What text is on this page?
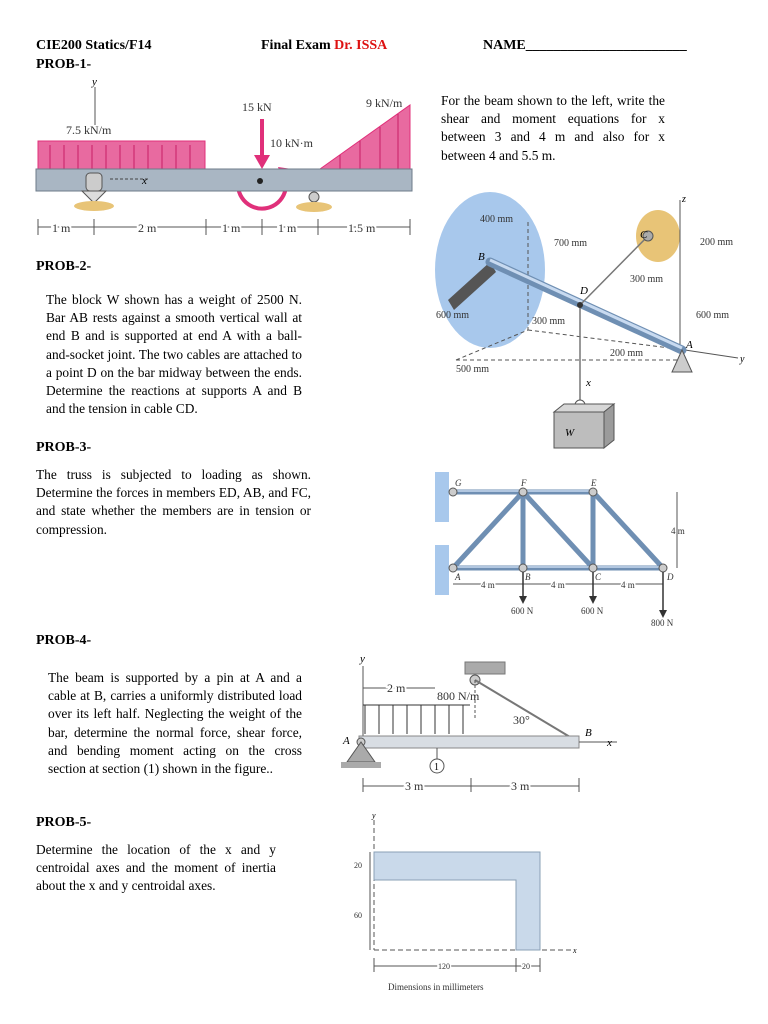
CIE200 Statics/F14	Final Exam Dr. ISSA	NAME_______________________
PROB-1-
For the beam shown to the left, write the shear and moment equations for x between 3 and 4 m and also for x between 4 and 5.5 m.
y
7.5 kN/m
9 kN/m
15 kN
10 kN·m
x
1 m	2 m	1 m	1 m	1.5 m
PROB-2-
The block W shown has a weight of 2500 N. Bar AB rests against a smooth vertical wall at end B and is supported at end A with a ball-and-socket joint. The two cables are attached to a point D on the bar midway between the ends. Determine the reactions at supports A and B and the tension in cable CD.
z
y
B
C
D
A
W
x
400 mm
700 mm	200 mm
300 mm
600 mm
600 mm
300 mm
200 mm
500 mm
PROB-3-
The truss is subjected to loading as shown. Determine the forces in members ED, AB, and FC, and state whether the members are in tension or compression.
G	F	E
A	B	C	D
4 m
4 m	4 m	4 m
600 N	600 N
800 N
PROB-4-
The beam is supported by a pin at A and a cable at B, carries a uniformly distributed load over its left half. Neglecting the weight of the bar, determine the normal force, shear force, and bending moment acting on the cross section at section (1) shown in the figure..
y
30°
800 N/m
2 m
x
B
A
1
3 m	3 m
PROB-5-
Determine the location of the x and y centroidal axes and the moment of inertia about the x and y centroidal axes.
y
x
20
60
120	20
Dimensions in millimeters
